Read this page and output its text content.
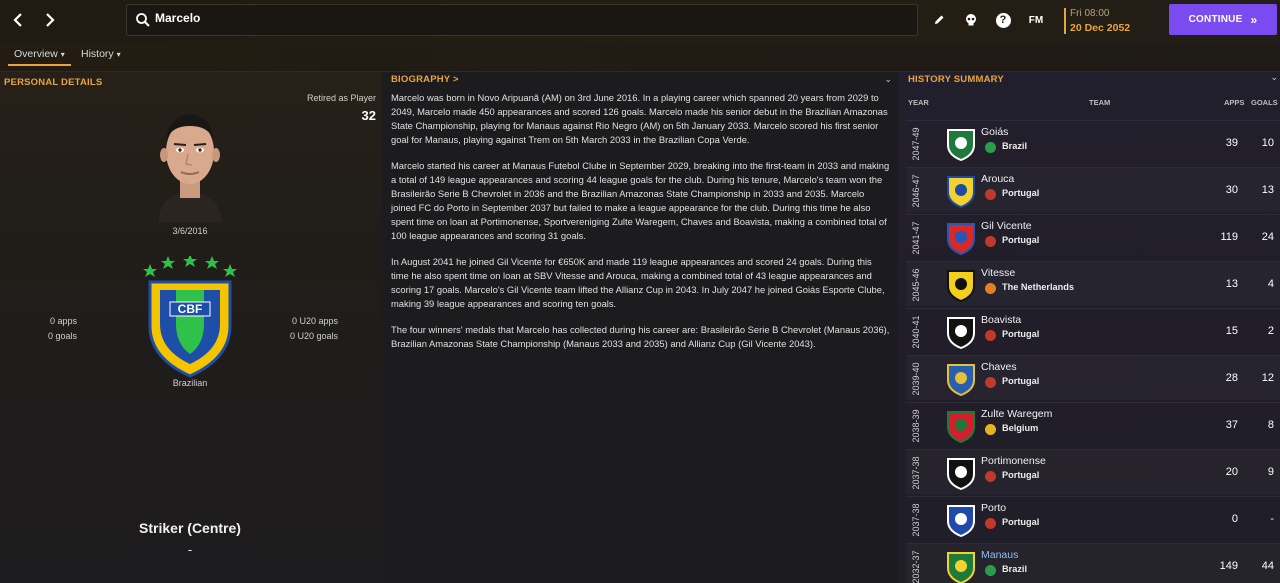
Marcelo
?	FM
Fri 08:00
20 Dec 2052
CONTINUE »
Overview ▾ History ▾
PERSONAL DETAILS
Retired as Player
32
3/6/2016
CBF
Brazilian
0 apps
0 goals
0 U20 apps
0 U20 goals
Striker (Centre)
-
BIOGRAPHY >	⌄

Marcelo was born in Novo Aripuanã (AM) on 3rd June 2016. In a playing career which spanned 20 years from 2029 to 2049, Marcelo made 450 appearances and scored 126 goals. Marcelo made his senior debut in the Brazilian Amazonas State Championship, playing for Manaus against Rio Negro (AM) on 5th January 2033. Marcelo scored his first senior goal for Manaus, playing against Trem on 5th March 2033 in the Brazilian Copa Verde.

Marcelo started his career at Manaus Futebol Clube in September 2029, breaking into the first-team in 2033 and making a total of 149 league appearances and scoring 44 league goals for the club. During his tenure, Marcelo's team won the Brasileirão Serie B Chevrolet in 2036 and the Brazilian Amazonas State Championship in 2033 and 2035. Marcelo joined FC do Porto in September 2037 but failed to make a league appearance for the club. During this time he also spent time on loan at Portimonense, Sportvereniging Zulte Waregem, Chaves and Boavista, making a combined total of 100 league appearances and scoring 31 goals.

In August 2041 he joined Gil Vicente for €650K and made 119 league appearances and scored 24 goals. During this time he also spent time on loan at SBV Vitesse and Arouca, making a combined total of 43 league appearances and scoring 17 goals. Marcelo's Gil Vicente team lifted the Allianz Cup in 2043. In July 2047 he joined Goiás Esporte Clube, making 39 league appearances and scoring ten goals.

The four winners' medals that Marcelo has collected during his career are: Brasileirão Serie B Chevrolet (Manaus 2036), Brazilian Amazonas State Championship (Manaus 2033 and 2035) and Allianz Cup (Gil Vicente 2043).

HISTORY SUMMARY	⌄
YEAR	TEAM	APPS GOALS
2047-49	Goiás
Brazil	39	10
2046-47	Arouca
Portugal	30	13
2041-47	Gil Vicente
Portugal	119	24
2045-46	Vitesse
The Netherlands	13	4
2040-41	Boavista
Portugal	15	2
2039-40	Chaves
Portugal	28	12
2038-39	Zulte Waregem
Belgium	37	8
2037-38	Portimonense
Portugal	20	9
2037-38	Porto
Portugal	0	-
2032-37	Manaus
Brazil	149	44
